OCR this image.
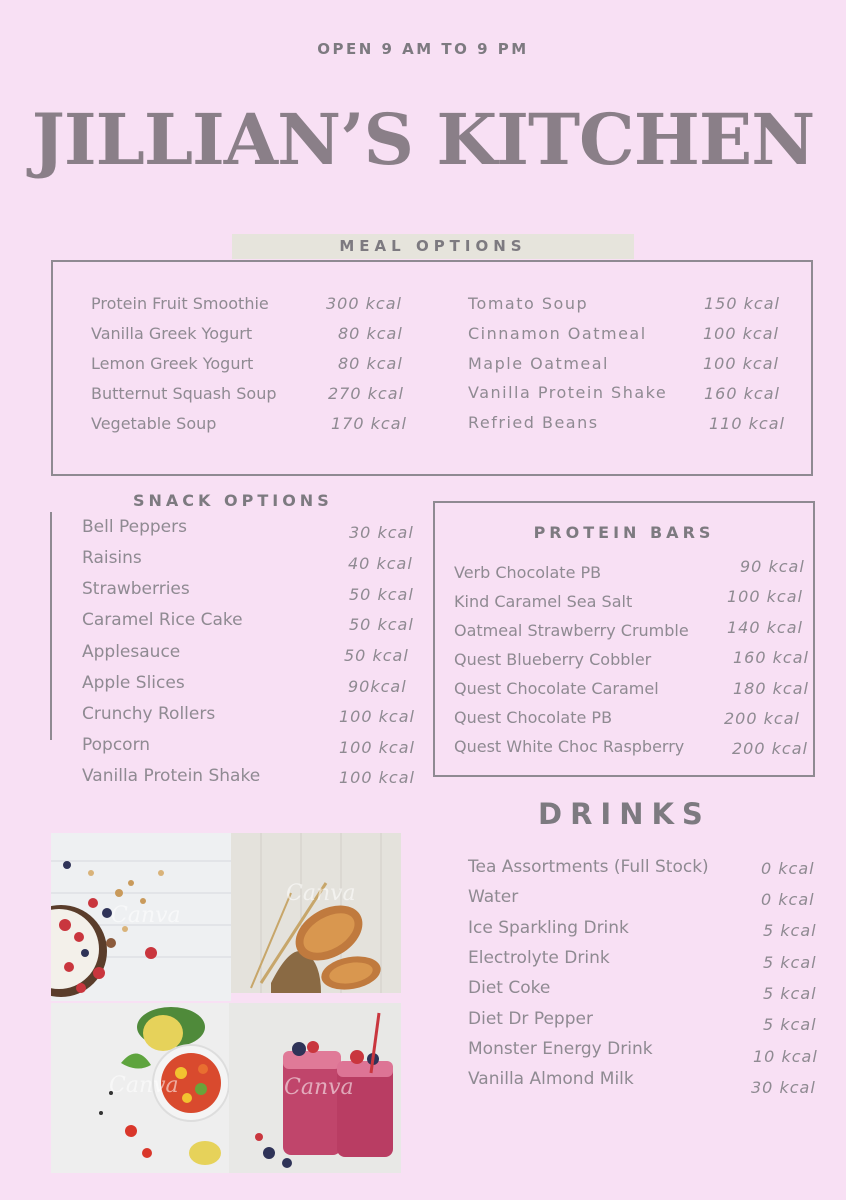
OPEN 9 AM TO 9 PM
JILLIAN’S KITCHEN
MEAL OPTIONS
Protein Fruit Smoothie	300 kcal
Vanilla Greek Yogurt	80 kcal
Lemon Greek Yogurt	80 kcal
Butternut Squash Soup	270 kcal
Vegetable Soup	170 kcal
Tomato Soup	150 kcal
Cinnamon Oatmeal	100 kcal
Maple Oatmeal	100 kcal
Vanilla Protein Shake 160 kcal
Refried Beans	110 kcal
SNACK OPTIONS
Bell Peppers	30 kcal
Raisins	40 kcal
Strawberries	50 kcal
Caramel Rice Cake	50 kcal
Applesauce	50 kcal
Apple Slices	90kcal
Crunchy Rollers	100 kcal
Popcorn	100 kcal
Vanilla Protein Shake	100 kcal
PROTEIN BARS
Verb Chocolate PB	90 kcal
Kind Caramel Sea Salt	100 kcal
Oatmeal Strawberry Crumble 140 kcal
Quest Blueberry Cobbler	160 kcal
Quest Chocolate Caramel	180 kcal
Quest Chocolate PB	200 kcal
Quest White Choc Raspberry	200 kcal
DRINKS
Tea Assortments (Full Stock)	0 kcal
Water	0 kcal
Ice Sparkling Drink	5 kcal
Electrolyte Drink	5 kcal
Diet Coke	5 kcal
Diet Dr Pepper	5 kcal
Monster Energy Drink	10 kcal
Vanilla Almond Milk	30 kcal
Canva
Canva
Canva	Canva
